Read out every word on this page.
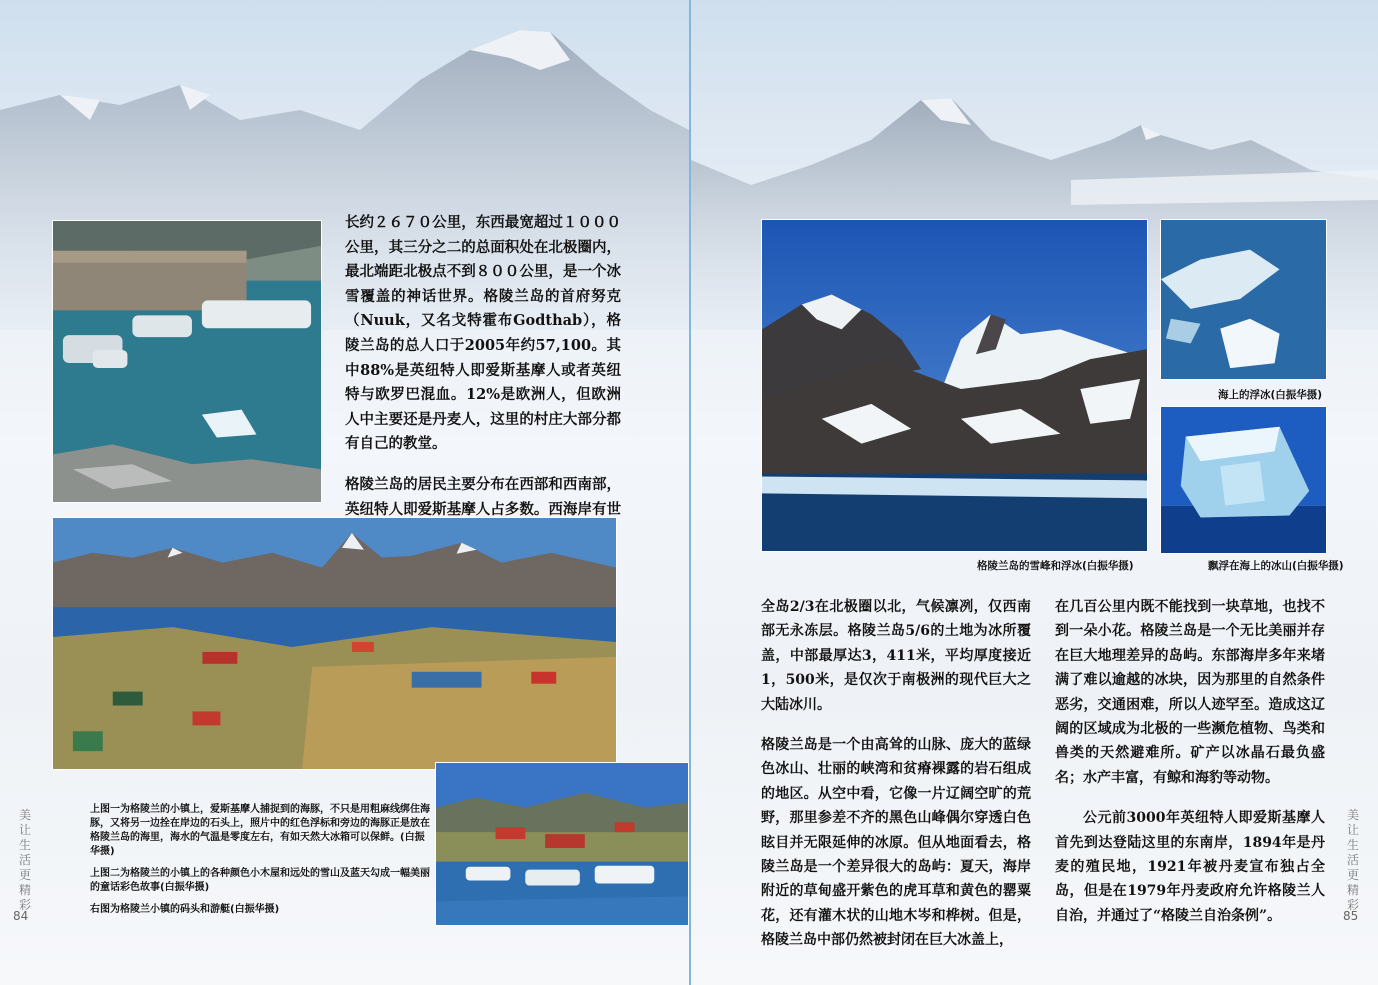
长约２６７０公里，东西最宽超过１０００公里，其三分之二的总面积处在北极圈内，最北端距北极点不到８００公里，是一个冰雪覆盖的神话世界。格陵兰岛的首府努克（Nuuk，又名戈特霍布Godthab），格陵兰岛的总人口于2005年约57,100。其中88%是英纽特人即爱斯基摩人或者英纽特与欧罗巴混血。12%是欧洲人，但欧洲人中主要还是丹麦人，这里的村庄大部分都有自己的教堂。

格陵兰岛的居民主要分布在西部和西南部，英纽特人即爱斯基摩人占多数。西海岸有世

上图一为格陵兰的小镇上，爱斯基摩人捕捉到的海豚，不只是用粗麻线绑住海豚，又将另一边拴在岸边的石头上，照片中的红色浮标和旁边的海豚正是放在格陵兰岛的海里，海水的气温是零度左右，有如天然大冰箱可以保鲜。(白振华摄)

上图二为格陵兰的小镇上的各种颜色小木屋和远处的雪山及蓝天勾成一幅美丽的童话彩色故事(白振华摄)

右图为格陵兰小镇的码头和游艇(白振华摄)

美让生活更精彩
84
海上的浮冰(白振华摄)
格陵兰岛的雪峰和浮冰(白振华摄)	飘浮在海上的冰山(白振华摄)

全岛2/3在北极圈以北，气候凛冽，仅西南部无永冻层。格陵兰岛5/6的土地为冰所覆盖，中部最厚达3，411米，平均厚度接近1，500米，是仅次于南极洲的现代巨大之大陆冰川。

格陵兰岛是一个由高耸的山脉、庞大的蓝绿色冰山、壮丽的峡湾和贫瘠裸露的岩石组成的地区。从空中看，它像一片辽阔空旷的荒野，那里参差不齐的黑色山峰偶尔穿透白色眩目并无限延伸的冰原。但从地面看去，格陵兰岛是一个差异很大的岛屿：夏天，海岸附近的草甸盛开紫色的虎耳草和黄色的罂粟花，还有灌木状的山地木岑和桦树。但是，格陵兰岛中部仍然被封闭在巨大冰盖上，

在几百公里内既不能找到一块草地，也找不到一朵小花。格陵兰岛是一个无比美丽并存在巨大地理差异的岛屿。东部海岸多年来堵满了难以逾越的冰块，因为那里的自然条件恶劣，交通困难，所以人迹罕至。造成这辽阔的区域成为北极的一些濒危植物、鸟类和兽类的天然避难所。矿产以冰晶石最负盛名；水产丰富，有鲸和海豹等动物。

公元前3000年英纽特人即爱斯基摩人首先到达登陆这里的东南岸，1894年是丹麦的殖民地，1921年被丹麦宣布独占全岛，但是在1979年丹麦政府允许格陵兰人自治，并通过了“格陵兰自治条例”。

美让生活更精彩
85
